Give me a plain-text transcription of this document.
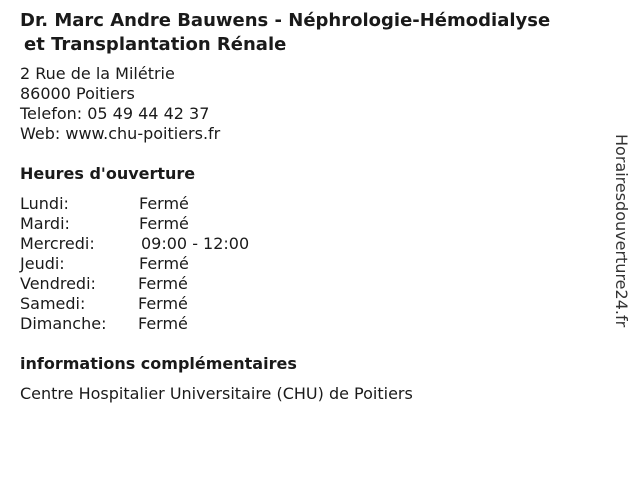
Dr. Marc Andre Bauwens - Néphrologie-Hémodialyse
et Transplantation Rénale
2 Rue de la Milétrie
86000 Poitiers
Telefon: 05 49 44 42 37
Web: www.chu-poitiers.fr
Heures d'ouverture
Lundi:	Fermé
Mardi:	Fermé
Mercredi:	09:00 - 12:00
Jeudi:	Fermé
Vendredi:	Fermé
Samedi:	Fermé
Dimanche: Fermé
informations complémentaires
Centre Hospitalier Universitaire (CHU) de Poitiers
Horairesdouverture24.fr
